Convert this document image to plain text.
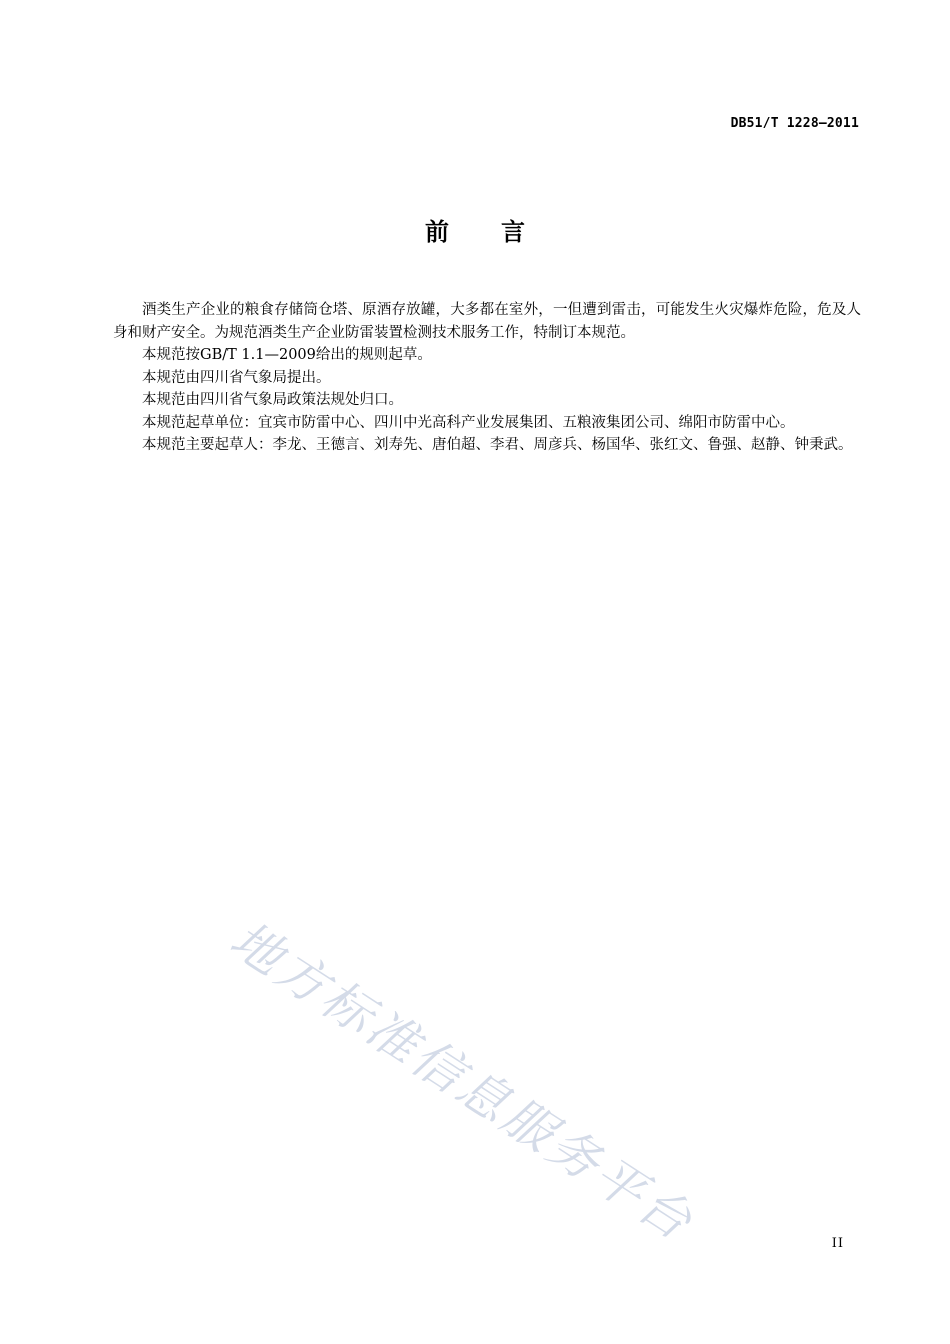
DB51/T 1228—2011
前 言

酒类生产企业的粮食存储筒仓塔、原酒存放罐，大多都在室外，一但遭到雷击，可能发生火灾爆炸危险，危及人身和财产安全。为规范酒类生产企业防雷装置检测技术服务工作，特制订本规范。

本规范按GB/T 1.1—2009给出的规则起草。

本规范由四川省气象局提出。

本规范由四川省气象局政策法规处归口。

本规范起草单位：宜宾市防雷中心、四川中光高科产业发展集团、五粮液集团公司、绵阳市防雷中心。

本规范主要起草人：李龙、王德言、刘寿先、唐伯超、李君、周彦兵、杨国华、张红文、鲁强、赵静、钟秉武。

地方标准信息服务平台	II
